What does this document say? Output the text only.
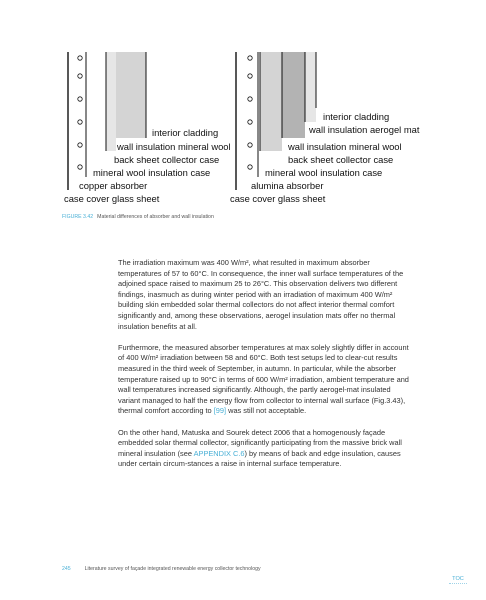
interior cladding
wall insulation mineral wool
back sheet collector case
mineral wool insulation case
copper absorber
case cover glass sheet
interior cladding
wall insulation aerogel mat
wall insulation mineral wool
back sheet collector case
mineral wool insulation case
alumina absorber
case cover glass sheet
FIGURE 3.42 Material differences of absorber and wall insulation

The irradiation maximum was 400 W/m², what resulted in maximum absorber temperatures of 57 to 60°C. In consequence, the inner wall surface temperatures of the adjoined space raised to maximum 25 to 26°C. This observation delivers two different findings, inasmuch as during winter period with an irradiation of maximum 400 W/m² building skin embedded solar thermal collectors do not affect interior thermal comfort significantly and, among these observations, aerogel insulation mats offer no thermal insulation benefits at all.

Furthermore, the measured absorber temperatures at max solely slightly differ in account of 400 W/m² irradiation between 58 and 60°C. Both test setups led to clear-cut results measured in the third week of September, in autumn. In particular, while the absorber temperature raised up to 90°C in terms of 600 W/m² irradiation, ambient temperature and wall temperatures increased significantly. Although, the partly aerogel-mat insulated variant managed to half the energy flow from collector to internal wall surface (Fig.3.43), thermal comfort according to [99] was still not acceptable.

On the other hand, Matuska and Sourek detect 2006 that a homogenously façade embedded solar thermal collector, significantly participating from the massive brick wall mineral insulation (see APPENDIX C.6) by means of back and edge insulation, causes under certain circum-stances a raise in internal surface temperature.

245	Literature survey of façade integrated renewable energy collector technology
TOC
